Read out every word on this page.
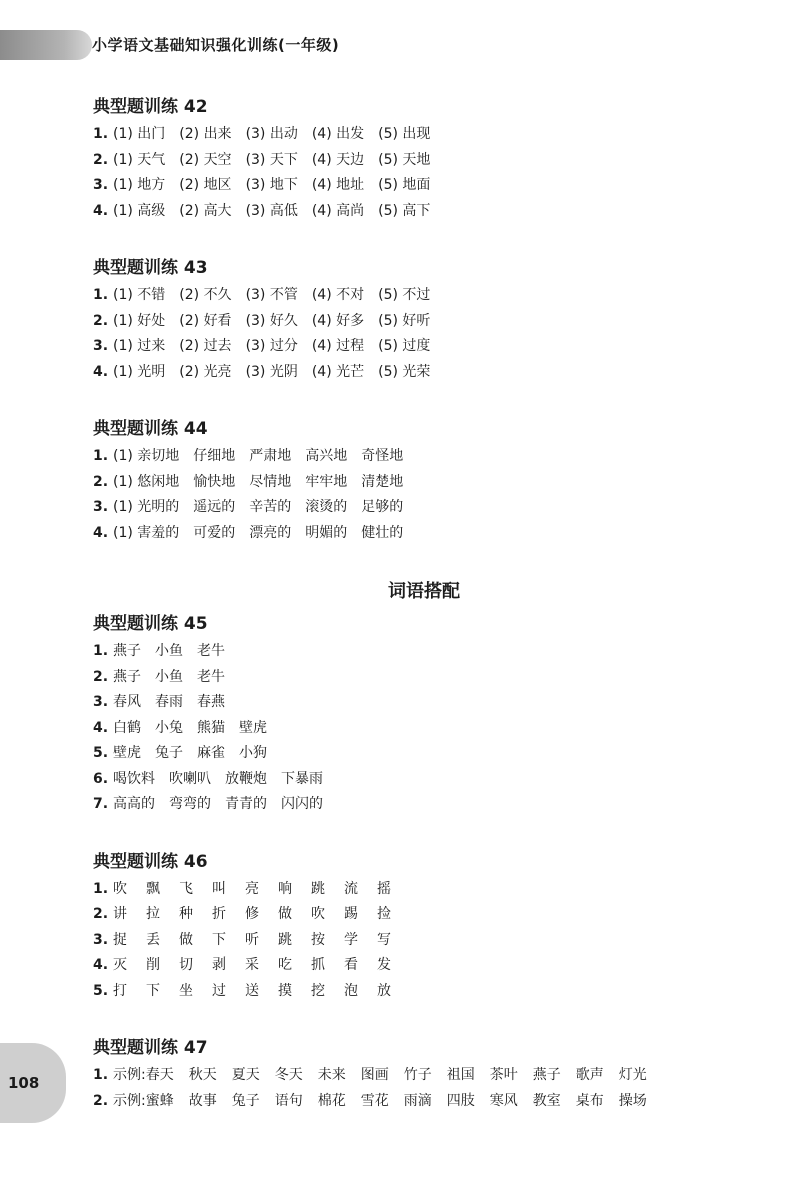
小学语文基础知识强化训练(一年级)
典型题训练 42
1. (1) 出门 (2) 出来 (3) 出动 (4) 出发 (5) 出现
2. (1) 天气 (2) 天空 (3) 天下 (4) 天边 (5) 天地
3. (1) 地方 (2) 地区 (3) 地下 (4) 地址 (5) 地面
4. (1) 高级 (2) 高大 (3) 高低 (4) 高尚 (5) 高下
典型题训练 43
1. (1) 不错 (2) 不久 (3) 不管 (4) 不对 (5) 不过
2. (1) 好处 (2) 好看 (3) 好久 (4) 好多 (5) 好听
3. (1) 过来 (2) 过去 (3) 过分 (4) 过程 (5) 过度
4. (1) 光明 (2) 光亮 (3) 光阴 (4) 光芒 (5) 光荣
典型题训练 44
1. (1) 亲切地 仔细地 严肃地 高兴地 奇怪地
2. (1) 悠闲地 愉快地 尽情地 牢牢地 清楚地
3. (1) 光明的 遥远的 辛苦的 滚烫的 足够的
4. (1) 害羞的 可爱的 漂亮的 明媚的 健壮的
词语搭配
典型题训练 45
1. 燕子 小鱼 老牛
2. 燕子 小鱼 老牛
3. 春风 春雨 春燕
4. 白鹤 小兔 熊猫 壁虎
5. 壁虎 兔子 麻雀 小狗
6. 喝饮料 吹喇叭 放鞭炮 下暴雨
7. 高高的 弯弯的 青青的 闪闪的
典型题训练 46
1. 吹 飘 飞 叫 亮 响 跳 流 摇
2. 讲 拉 种 折 修 做 吹 踢 捡
3. 捉 丢 做 下 听 跳 按 学 写
4. 灭 削 切 剥 采 吃 抓 看 发
5. 打 下 坐 过 送 摸 挖 泡 放
典型题训练 47
1. 示例:春天 秋天 夏天 冬天 未来 图画 竹子 祖国 茶叶 燕子 歌声 灯光
2. 示例:蜜蜂 故事 兔子 语句 棉花 雪花 雨滴 四肢 寒风 教室 桌布 操场
108
